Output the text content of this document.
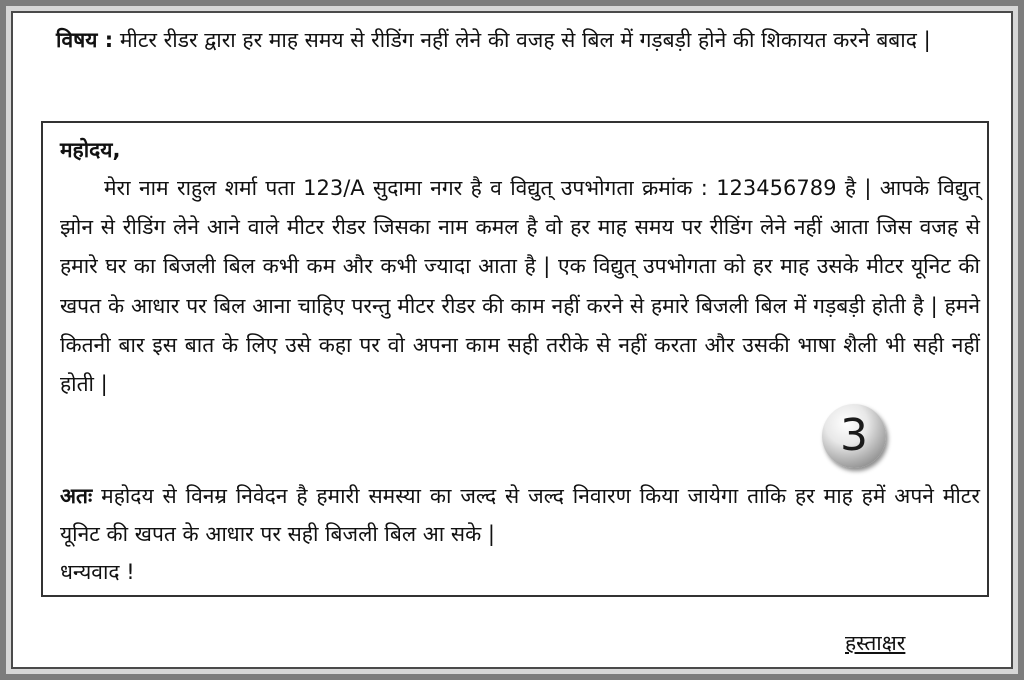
विषय : मीटर रीडर द्वारा हर माह समय से रीडिंग नहीं लेने की वजह से बिल में गड़बड़ी होने की शिकायत करने बबाद |
महोदय,
मेरा नाम राहुल शर्मा पता 123/A सुदामा नगर है व विद्युत् उपभोगता क्रमांक : 123456789 है | आपके विद्युत् झोन से रीडिंग लेने आने वाले मीटर रीडर जिसका नाम कमल है वो हर माह समय पर रीडिंग लेने नहीं आता जिस वजह से हमारे घर का बिजली बिल कभी कम और कभी ज्यादा आता है | एक विद्युत् उपभोगता को हर माह उसके मीटर यूनिट की खपत के आधार पर बिल आना चाहिए परन्तु मीटर रीडर की काम नहीं करने से हमारे बिजली बिल में गड़बड़ी होती है | हमने कितनी बार इस बात के लिए उसे कहा पर वो अपना काम सही तरीके से नहीं करता और उसकी भाषा शैली भी सही नहीं होती |
3
अतः महोदय से विनम्र निवेदन है हमारी समस्या का जल्द से जल्द निवारण किया जायेगा ताकि हर माह हमें अपने मीटर यूनिट की खपत के आधार पर सही बिजली बिल आ सके |
धन्यवाद !
हस्ताक्षर
